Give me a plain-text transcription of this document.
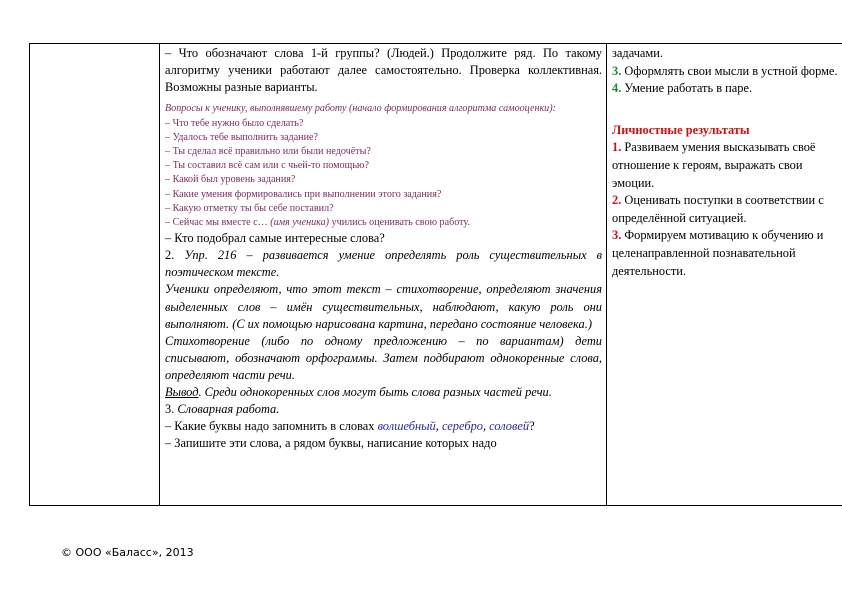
– Что обозначают слова 1-й группы? (Людей.) Продолжите ряд. По такому алгоритму ученики работают далее самостоятельно. Проверка коллективная. Возможны разные варианты.

Вопросы к ученику, выполнявшему работу (начало формирования алгоритма самооценки):

– Что тебе нужно было сделать?
– Удалось тебе выполнить задание?
– Ты сделал всё правильно или были недочёты?
– Ты составил всё сам или с чьей-то помощью?
– Какой был уровень задания?
– Какие умения формировались при выполнении этого задания?
– Какую отметку ты бы себе поставил?
– Сейчас мы вместе с… (имя ученика) учились оценивать свою работу.

– Кто подобрал самые интересные слова?

2. Упр. 216 – развивается умение определять роль существительных в поэтическом тексте.

Ученики определяют, что этот текст – стихотворение, определяют значения выделенных слов – имён существительных, наблюдают, какую роль они выполняют. (С их помощью нарисована картина, передано состояние человека.)

Стихотворение (либо по одному предложению – по вариантам) дети списывают, обозначают орфограммы. Затем подбирают однокоренные слова, определяют части речи.

Вывод. Среди однокоренных слов могут быть слова разных частей речи.

3. Словарная работа.

– Какие буквы надо запомнить в словах волшебный, серебро, соловей?

– Запишите эти слова, а рядом буквы, написание которых надо

задачами.

3. Оформлять свои мысли в устной форме.

4. Умение работать в паре.

Личностные результаты

1. Развиваем умения высказывать своё отношение к героям, выражать свои эмоции.

2. Оценивать поступки в соответствии с определённой ситуацией.

3. Формируем мотивацию к обучению и целенаправленной познавательной деятельности.

© ООО «Баласс», 2013
